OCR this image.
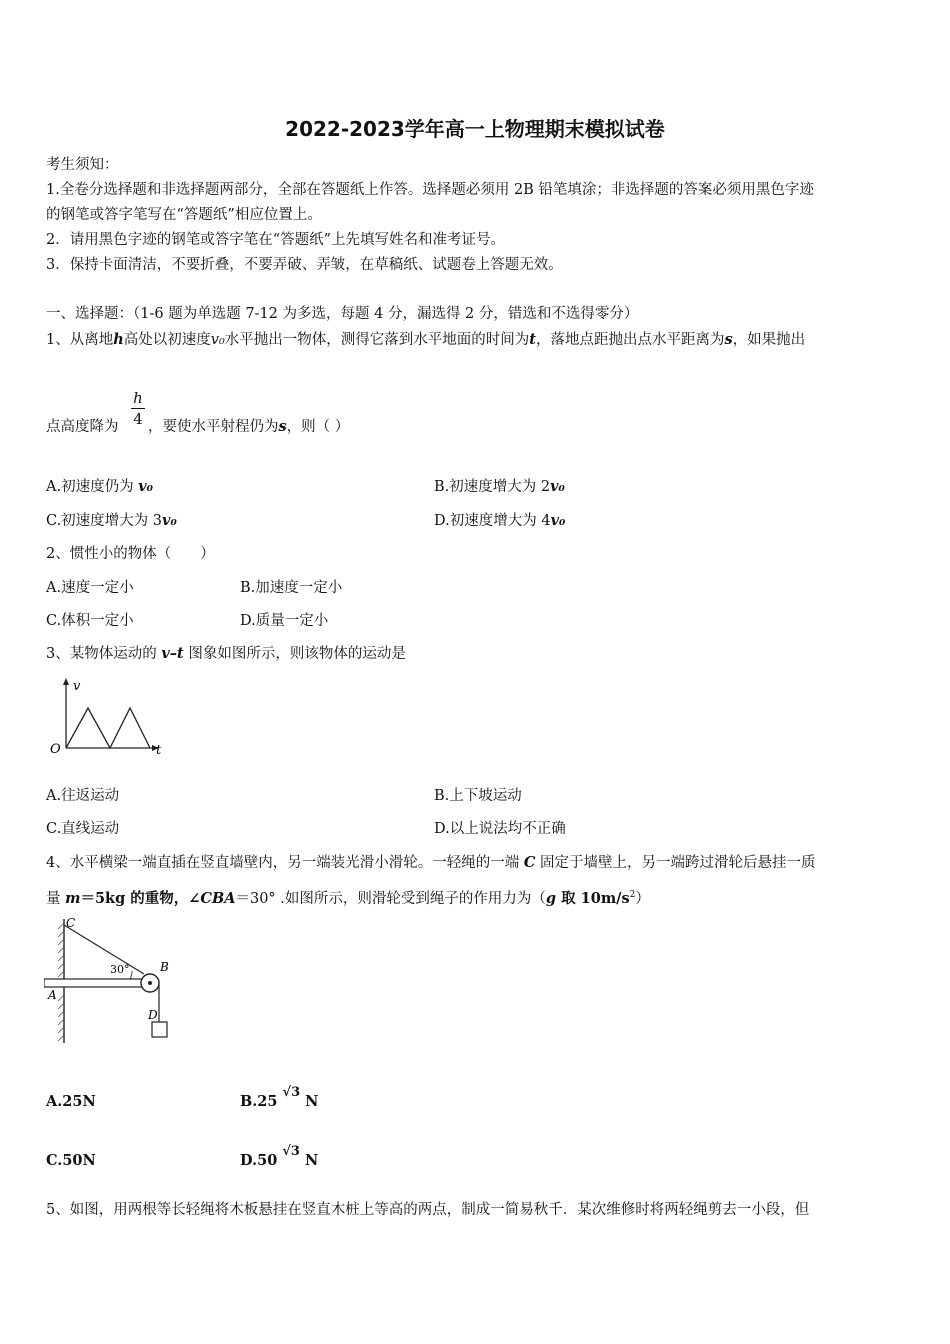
2022-2023学年高一上物理期末模拟试卷
考生须知：
1.全卷分选择题和非选择题两部分，全部在答题纸上作答。选择题必须用 2B 铅笔填涂；非选择题的答案必须用黑色字迹
的钢笔或答字笔写在“答题纸”相应位置上。
2．请用黑色字迹的钢笔或答字笔在“答题纸”上先填写姓名和准考证号。
3．保持卡面清洁，不要折叠，不要弄破、弄皱，在草稿纸、试题卷上答题无效。
一、选择题：（1-6 题为单选题 7-12 为多选，每题 4 分，漏选得 2 分，错选和不选得零分）
1、从离地h高处以初速度v₀水平抛出一物体，测得它落到水平地面的时间为t，落地点距抛出点水平距离为s，如果抛出
点高度降为
h
4 ，要使水平射程仍为s，则（ ）
A.初速度仍为 v₀	B.初速度增大为 2v₀
C.初速度增大为 3v₀	D.初速度增大为 4v₀
2、惯性小的物体（　　）
A.速度一定小	B.加速度一定小
C.体积一定小	D.质量一定小
3、某物体运动的 v–t 图象如图所示，则该物体的运动是
v
O	t
A.往返运动	B.上下坡运动
C.直线运动	D.以上说法均不正确
4、水平横梁一端直插在竖直墙壁内，另一端装光滑小滑轮。一轻绳的一端 C 固定于墙壁上，另一端跨过滑轮后悬挂一质
量 m＝5kg 的重物，∠CBA＝30° .如图所示，则滑轮受到绳子的作用力为（g 取 $10m/s^2$）
C
30°	B
A
D
A.25N	B.25 √3 N
C.50N	D.50 √3 N
5、如图，用两根等长轻绳将木板悬挂在竖直木桩上等高的两点，制成一简易秋千．某次维修时将两轻绳剪去一小段，但
